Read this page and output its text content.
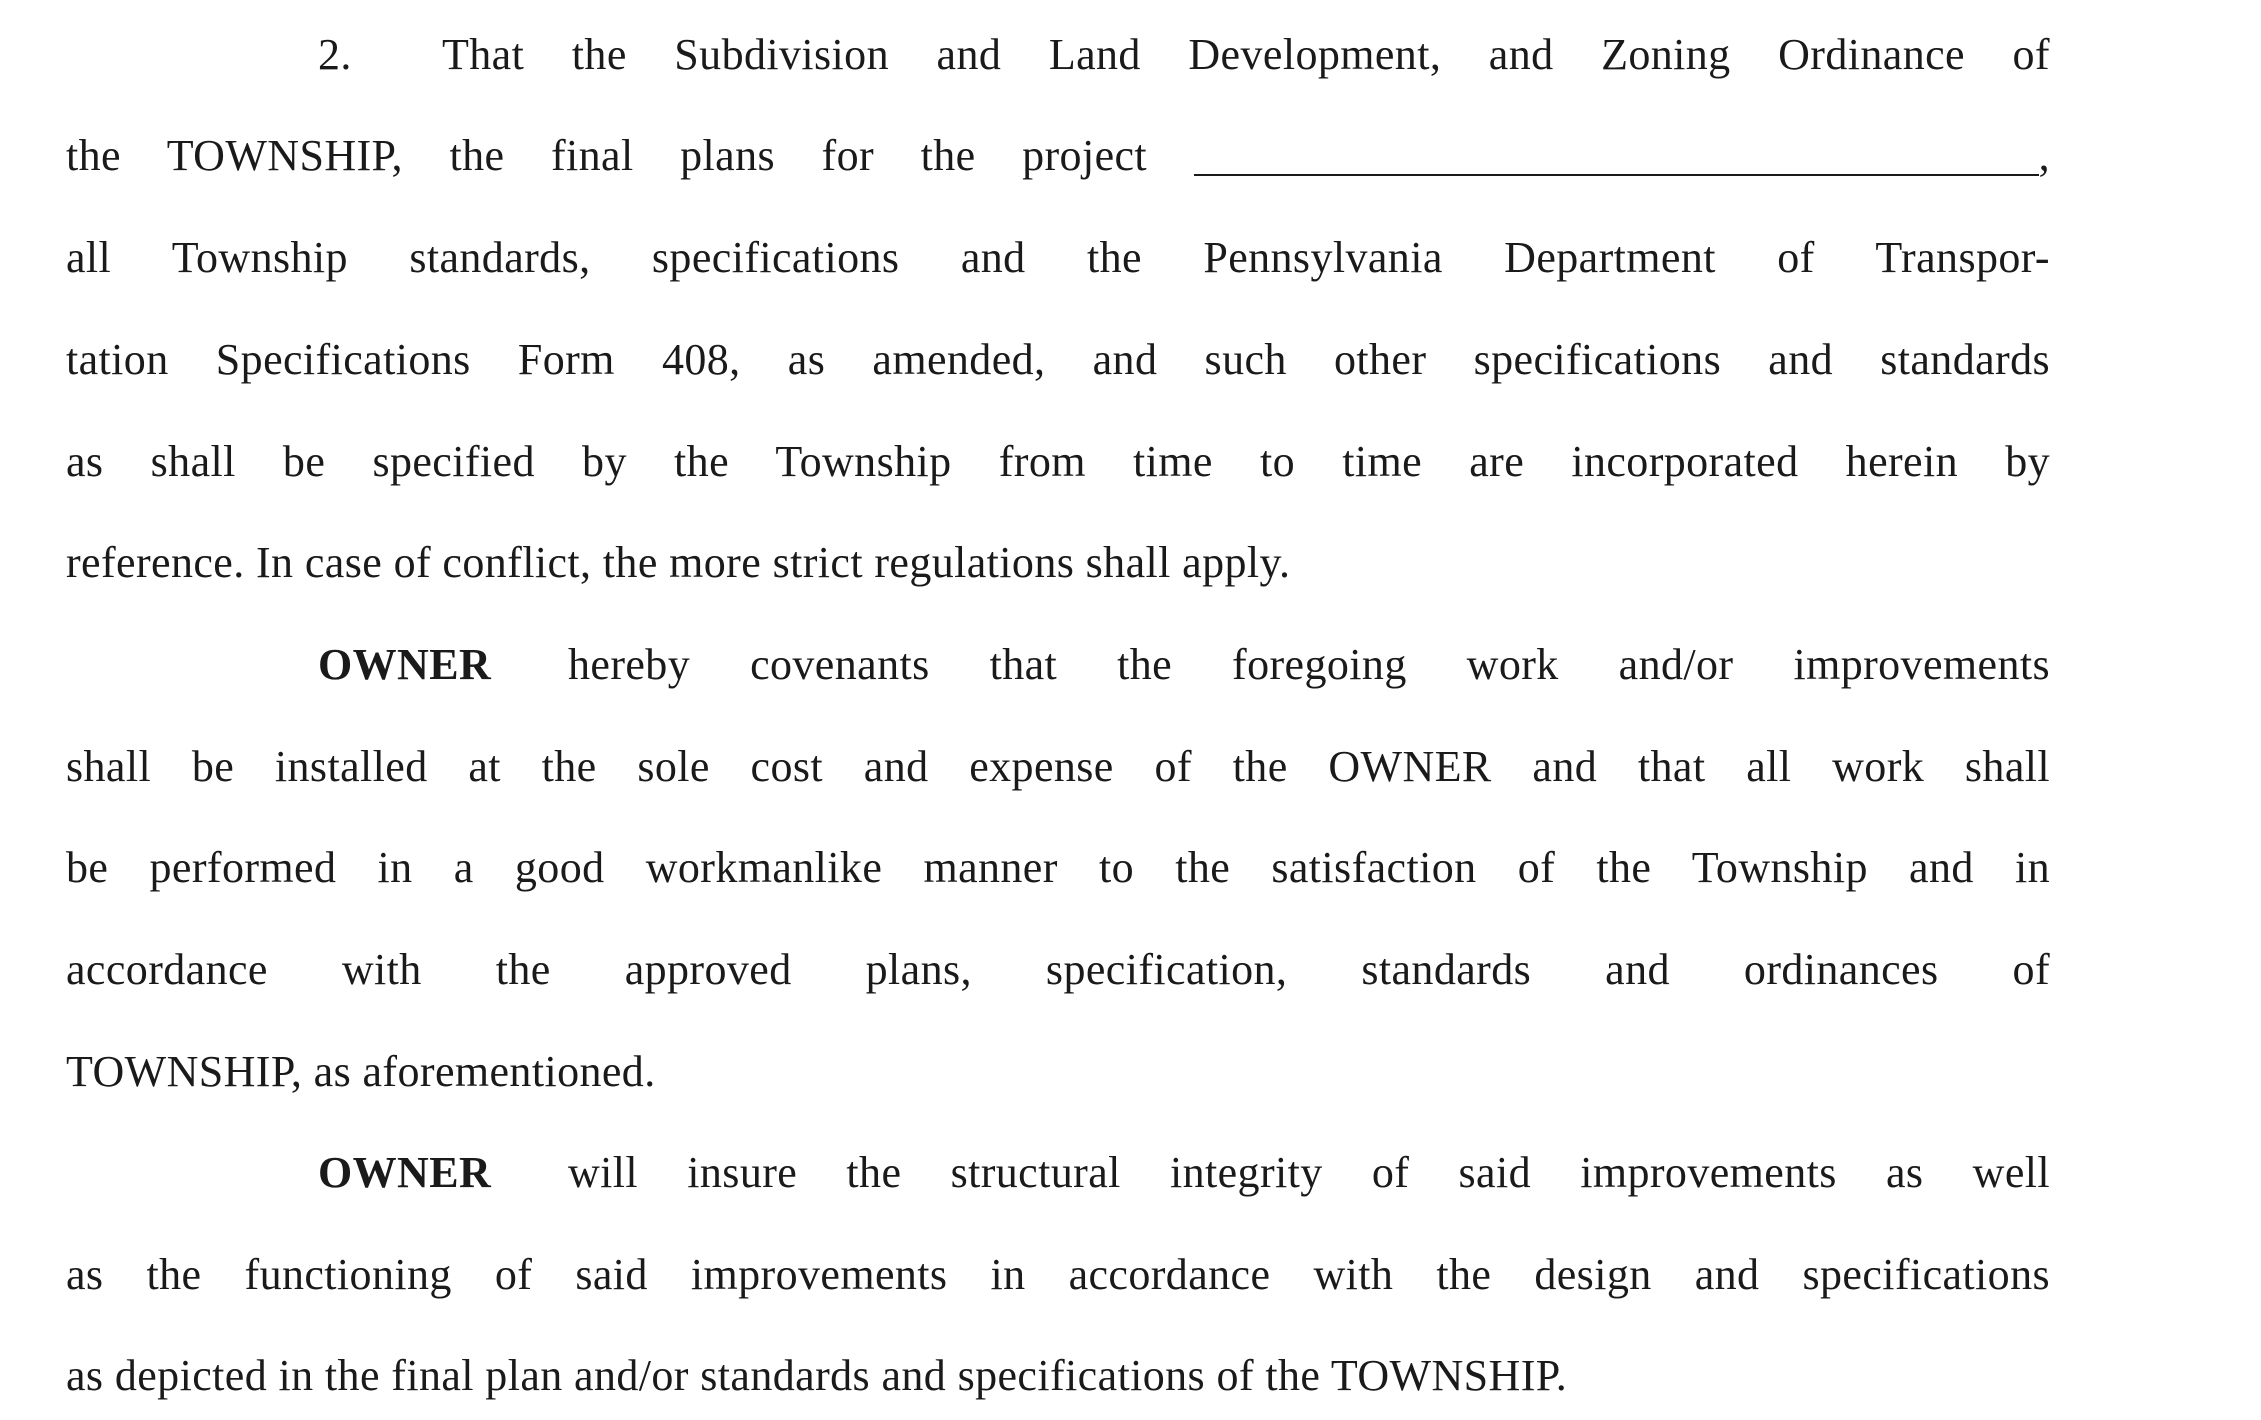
2. That the Subdivision and Land Development, and Zoning Ordinance of
the TOWNSHIP, the final plans for the project	,
all Township standards, specifications and the Pennsylvania Department of Transpor-
tation Specifications Form 408, as amended, and such other specifications and standards
as shall be specified by the Township from time to time are incorporated herein by
reference. In case of conflict, the more strict regulations shall apply.
OWNER hereby covenants that the foregoing work and/or improvements
shall be installed at the sole cost and expense of the OWNER and that all work shall
be performed in a good workmanlike manner to the satisfaction of the Township and in
accordance with the approved plans, specification, standards and ordinances of
TOWNSHIP, as aforementioned.
OWNER will insure the structural integrity of said improvements as well
as the functioning of said improvements in accordance with the design and specifications
as depicted in the final plan and/or standards and specifications of the TOWNSHIP.
